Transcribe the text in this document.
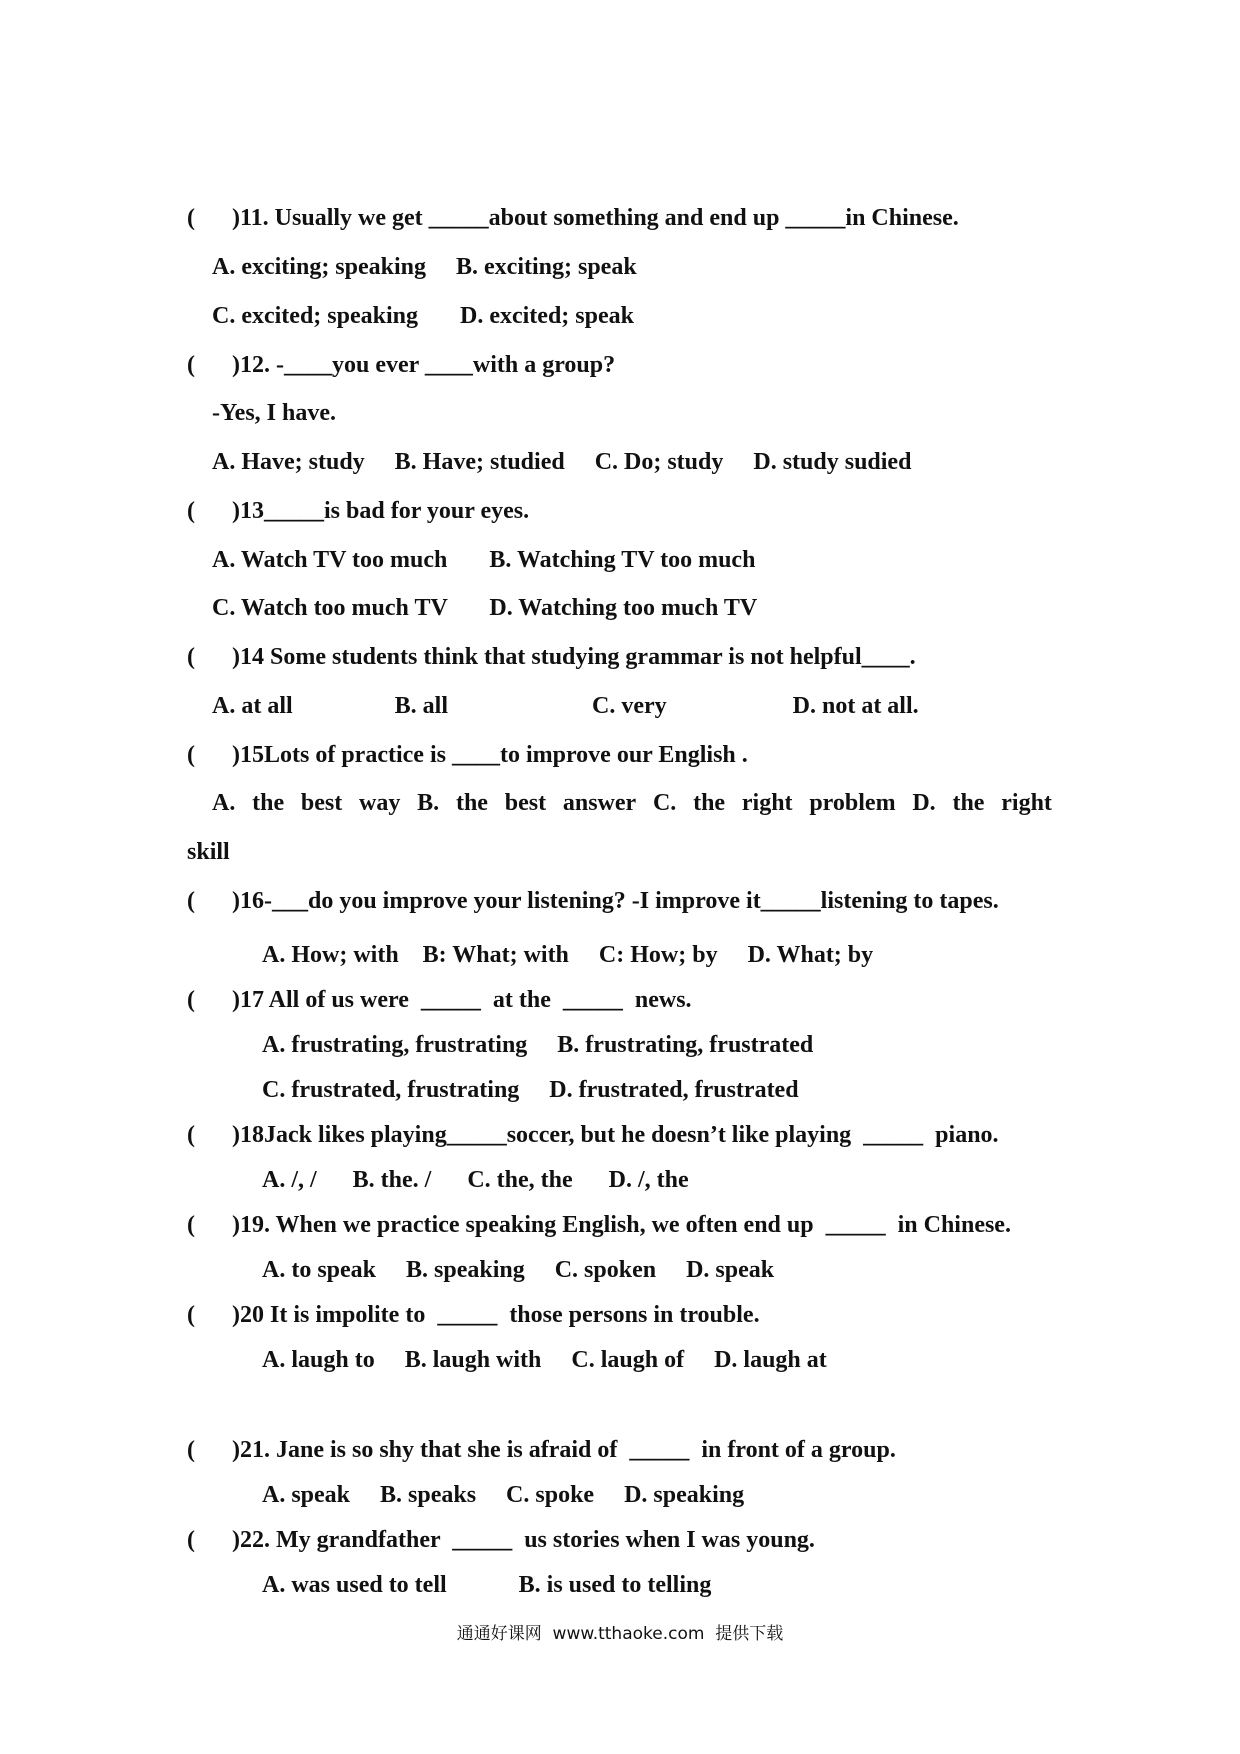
( )11. Usually we get _____about something and end up _____in Chinese.
A. exciting; speaking     B. exciting; speak
C. excited; speaking       D. excited; speak
( )12. -____you ever ____with a group?
-Yes, I have.
A. Have; study     B. Have; studied     C. Do; study     D. study sudied
( )13_____is bad for your eyes.
A. Watch TV too much       B. Watching TV too much
C. Watch too much TV       D. Watching too much TV
( )14 Some students think that studying grammar is not helpful____.
A. at all                 B. all                        C. very                     D. not at all.
( )15Lots of practice is ____to improve our English .
A. the best way B. the best answer C. the right problem D. the right
skill
( )16-___do you improve your listening? -I improve it_____listening to tapes.
A. How; with    B: What; with     C: How; by     D. What; by
( )17 All of us were  _____  at the  _____  news.
A. frustrating, frustrating     B. frustrating, frustrated
C. frustrated, frustrating     D. frustrated, frustrated
( )18Jack likes playing_____soccer, but he doesn’t like playing  _____  piano.
A. /, /      B. the. /      C. the, the      D. /, the
( )19. When we practice speaking English, we often end up  _____  in Chinese.
A. to speak     B. speaking     C. spoken     D. speak
( )20 It is impolite to  _____  those persons in trouble.
A. laugh to     B. laugh with     C. laugh of     D. laugh at
( )21. Jane is so shy that she is afraid of  _____  in front of a group.
A. speak     B. speaks     C. spoke     D. speaking
( )22. My grandfather  _____  us stories when I was young.
A. was used to tell            B. is used to telling
通通好课网  www.tthaoke.com  提供下载
